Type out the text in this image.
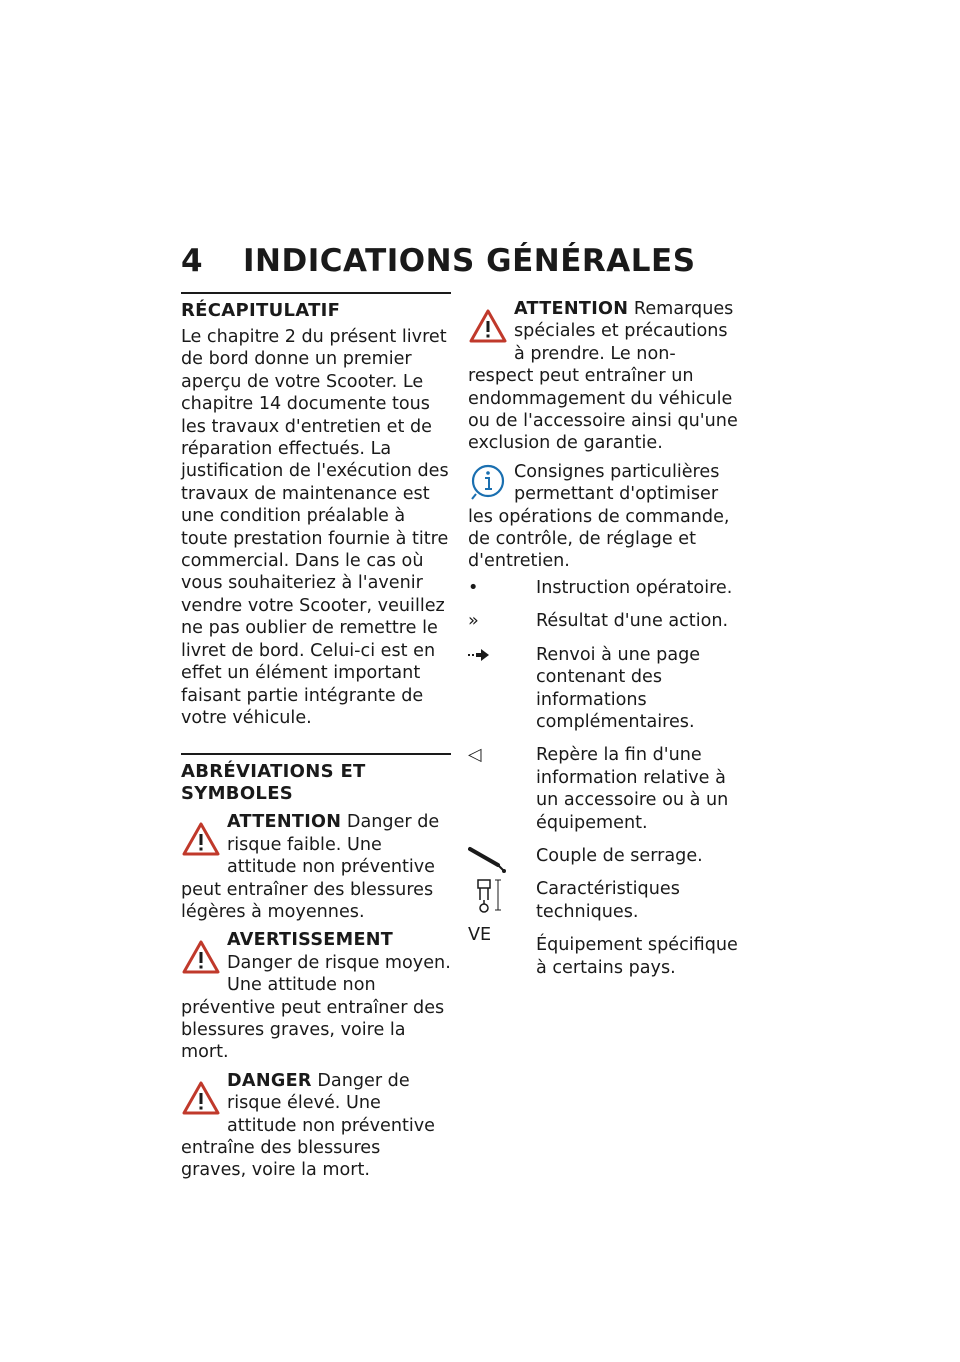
4 INDICATIONS GÉNÉRALES
RÉCAPITULATIF

Le chapitre 2 du présent livret de bord donne un premier aperçu de votre Scooter. Le chapitre 14 documente tous les travaux d'entretien et de réparation effectués. La justification de l'exécution des travaux de maintenance est une condition préalable à toute prestation fournie à titre commercial. Dans le cas où vous souhaiteriez à l'avenir vendre votre Scooter, veuillez ne pas oublier de remettre le livret de bord. Celui-ci est en effet un élément important faisant partie intégrante de votre véhicule.

ABRÉVIATIONS ET SYMBOLES
ATTENTION Danger de risque faible. Une attitude non préventive peut entraîner des blessures légères à moyennes.
AVERTISSEMENT Danger de risque moyen. Une attitude non préventive peut entraîner des blessures graves, voire la mort.
DANGER Danger de risque élevé. Une attitude non préventive entraîne des blessures graves, voire la mort.
ATTENTION Remarques spéciales et précautions à prendre. Le non-respect peut entraîner un endommagement du véhicule ou de l'accessoire ainsi qu'une exclusion de garantie.
Consignes particulières permettant d'optimiser les opérations de commande, de contrôle, de réglage et d'entretien.
•	Instruction opératoire.
»	Résultat d'une action.
Renvoi à une page contenant des informations complémentaires.
◁	Repère la fin d'une information relative à un accessoire ou à un équipement.
Couple de serrage.
Caractéristiques techniques.
VE	Équipement spécifique à certains pays.
